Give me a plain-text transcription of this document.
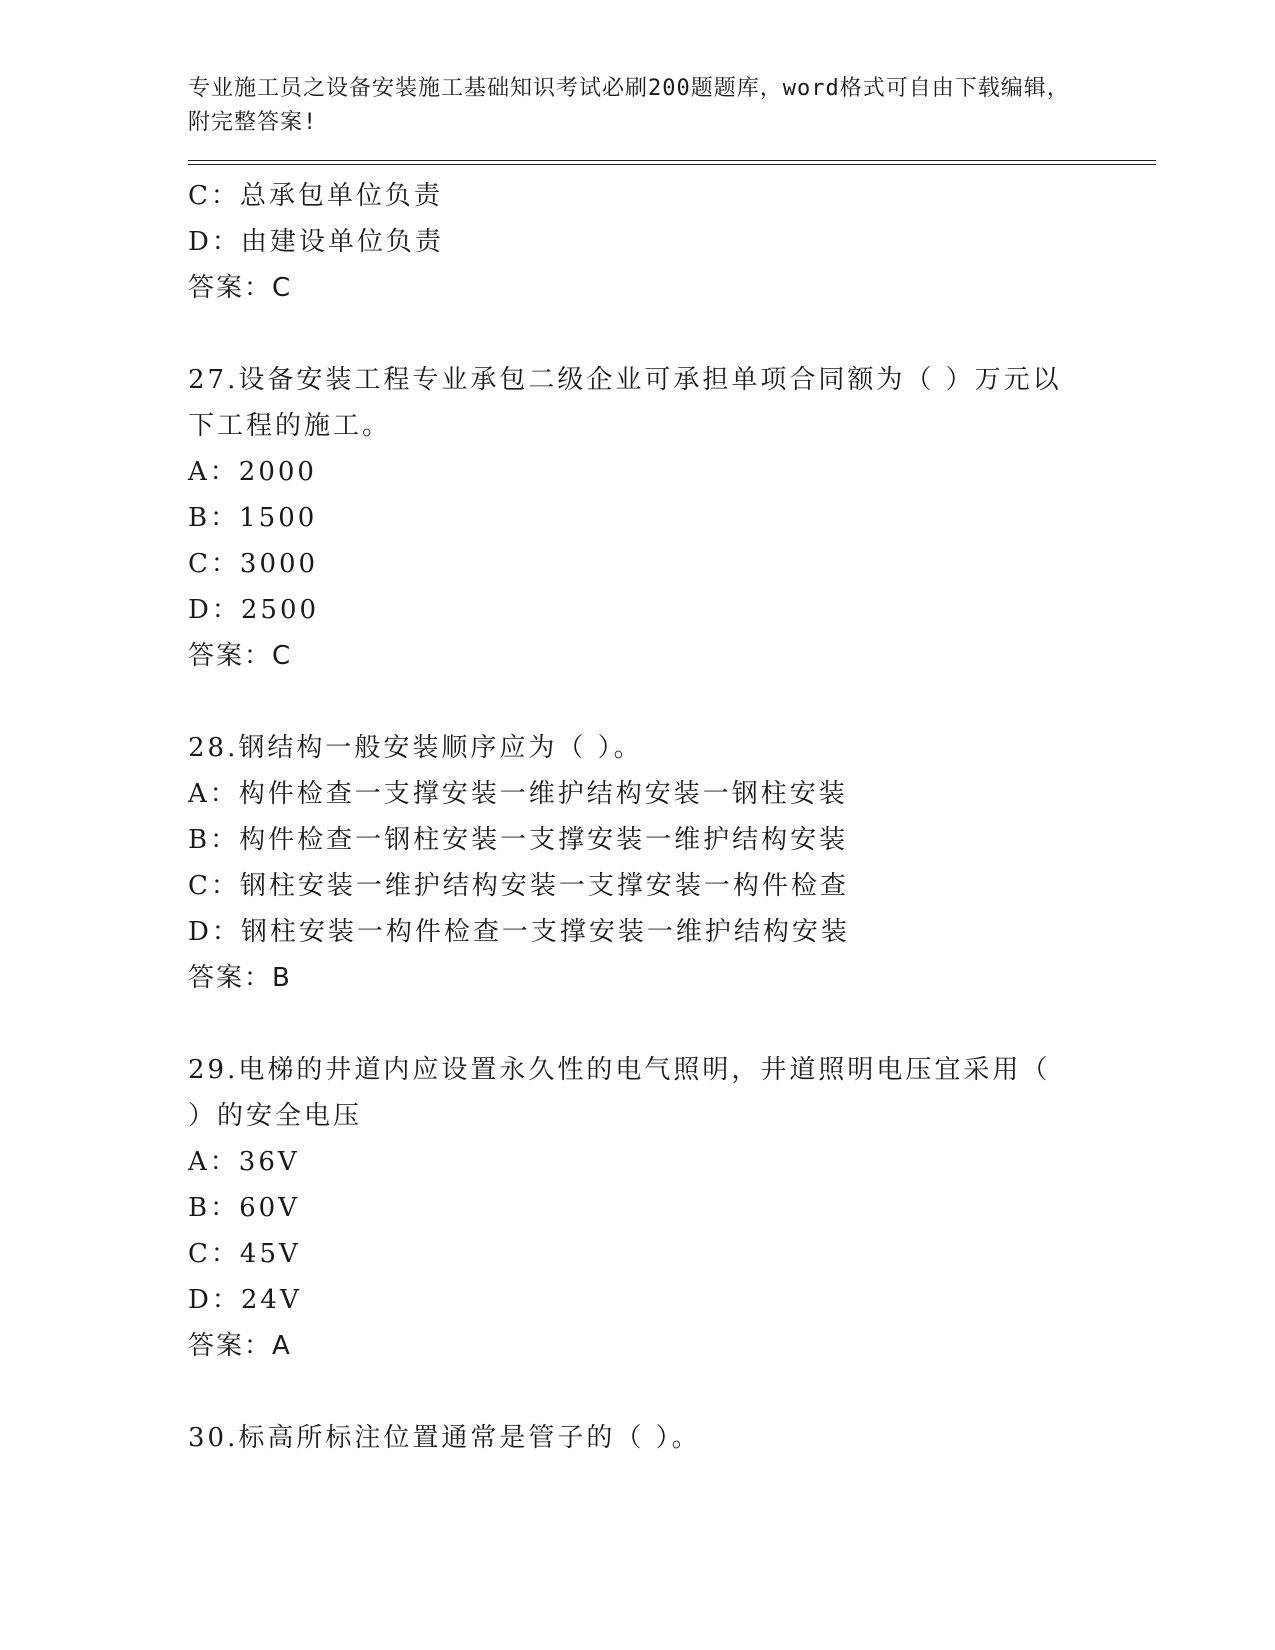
专业施工员之设备安装施工基础知识考试必刷200题题库，word格式可自由下载编辑，附完整答案!
C：总承包单位负责
D：由建设单位负责
答案：C
27.设备安装工程专业承包二级企业可承担单项合同额为（ ）万元以下工程的施工。
A：2000
B：1500
C：3000
D：2500
答案：C
28.钢结构一般安装顺序应为（ ）。
A：构件检查一支撑安装一维护结构安装一钢柱安装
B：构件检查一钢柱安装一支撑安装一维护结构安装
C：钢柱安装一维护结构安装一支撑安装一构件检查
D：钢柱安装一构件检查一支撑安装一维护结构安装
答案：B
29.电梯的井道内应设置永久性的电气照明，井道照明电压宜采用（ ）的安全电压
A：36V
B：60V
C：45V
D：24V
答案：A
30.标高所标注位置通常是管子的（ ）。
